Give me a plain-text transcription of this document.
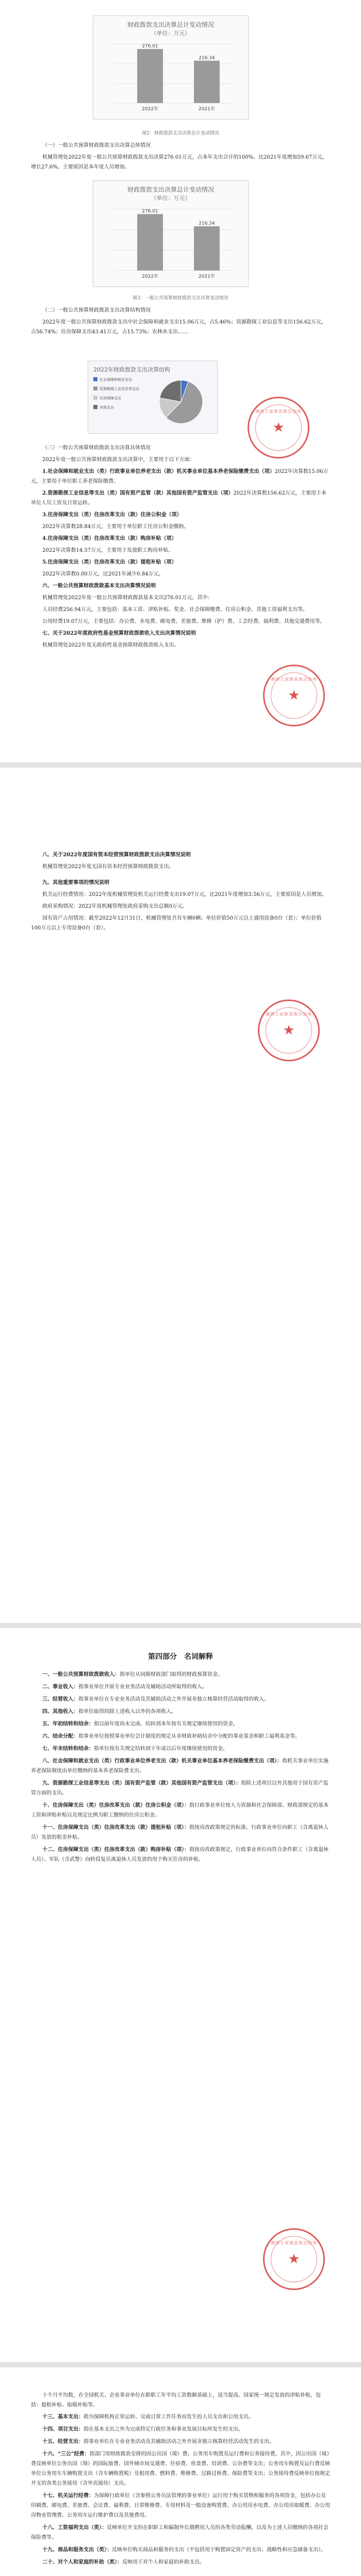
财政拨款支出决算总计变动情况
（单位：万元）
276.01
2022年
216.34
2021年

图2：财政拨款支出决算总计变动情况

（一）一般公共预算财政拨款支出决算总体情况

机械管理处2022年度一般公共预算财政拨款支出决算276.01万元，占本年支出合计的100%。比2021年度增加59.67万元，增长27.6%，主要原因是本年度人员增加。

财政拨款支出决算总计变动情况
（单位：万元）
276.01
2022年
216.34
2021年

图3：一般公共预算财政拨款支出决算变动情况

（二）一般公共预算财政拨款支出决算结构情况

2022年度一般公共预算财政拨款支出中社会保障和就业支出15.06万元，占5.46%；资源勘探工业信息等支出156.62万元，占56.74%；住房保障支出43.41万元，占15.73%；农林水支出……

2022年财政拨款支出决算结构
社会保障和就业支出
资源勘探工业信息等支出
住房保障支出
其他支出

（三）一般公共预算财政拨款支出决算具体情况

2022年度一般公共预算财政拨款支出决算中，主要用于以下方面：

1.社会保障和就业支出（类）行政事业单位养老支出（款）机关事业单位基本养老保险缴费支出（项）2022年决算数15.06万元，主要用于单位职工养老保险缴费。

2.资源勘探工业信息等支出（类）国有资产监管（款）其他国有资产监管支出（项）2022年决算数156.62万元，主要用于本单位人员工资及日常运转。

3.住房保障支出（类）住房改革支出（款）住房公积金（项）

2022年决算数28.84万元，主要用于单位职工住房公积金缴纳。

4.住房保障支出（类）住房改革支出（款）购房补贴（项）

2022年决算数14.57万元，主要用于发放职工购房补贴。

5.住房保障支出（类）住房改革支出（款）提租补贴（项）

2022年决算数0.00万元，比2021年减少0.84万元。

六、一般公共预算财政拨款基本支出决算情况说明

机械管理处2022年度一般公共预算财政拨款基本支出276.01万元，其中：

人员经费256.94万元，主要包括：基本工资、津贴补贴、奖金、社会保障缴费、住房公积金、其他工资福利支出等。

公用经费19.07万元，主要包括：办公费、水电费、邮电费、差旅费、维修（护）费、工会经费、福利费、其他交通费用等。

七、关于2022年度政府性基金预算财政拨款收入支出决算情况说明

机械管理处2022年度无政府性基金预算财政拨款收入支出。

湘西土家族苗族自治州
★
湘西土家族苗族自治州
★

八、关于2022年度国有资本经营预算财政拨款支出决算情况说明

机械管理处2022年度无国有资本经营预算财政拨款支出。

九、其他重要事项的情况说明

机关运行经费情况：2022年度机械管理处机关运行经费支出19.07万元，比2021年度增加3.56万元，主要原因是人员增加。

政府采购情况：2022年度机械管理处政府采购支出总额0万元。

国有资产占用情况：截至2022年12月31日，机械管理处共有车辆0辆；单位价值50万元以上通用设备0台（套）；单位价值100万元以上专用设备0台（套）。

湘西土家族苗族自治州
★

第四部分　名词解释

一、一般公共预算财政拨款收入：指单位从同级财政部门取得的财政预算资金。

二、事业收入：指事业单位开展专业业务活动及辅助活动所取得的收入。

三、经营收入：指事业单位在专业业务活动及其辅助活动之外开展非独立核算经营活动取得的收入。

四、其他收入：指单位取得的除上述收入以外的各项收入。

五、年初结转和结余：指以前年度尚未完成、结转到本年按有关规定继续使用的资金。

六、结余分配：指事业单位按照事业单位会计制度的规定从非财政补助结余中分配的事业基金和职工福利基金等。

七、年末结转和结余：指单位按有关规定结转到下年或以后年度继续使用的资金。

八、社会保障和就业支出（类）行政事业单位养老支出（款）机关事业单位基本养老保险缴费支出（项）：指机关事业单位实施养老保险制度由单位缴纳的基本养老保险费支出。

九、资源勘探工业信息等支出（类）国有资产监管（款）其他国有资产监管支出（项）：指除上述项目以外其他用于国有资产监管方面的支出。

十、住房保障支出（类）住房改革支出（款）住房公积金（项）：指行政事业单位按人力资源和社会保障部、财政部规定的基本工资和津贴补贴以及规定比例为职工缴纳的住房公积金。

十一、住房保障支出（类）住房改革支出（款）提租补贴（项）：指按房改政策规定的标准，行政事业单位向职工（含离退休人员）发放的租金补贴。

十二、住房保障支出（类）住房改革支出（款）购房补贴（项）：指按房改政策规定，行政事业单位向符合条件职工（含离退休人员）、军队（含武警）向转役复员离退休人员发放的用于购买住房的补贴。

湘西土家族苗族自治州
★

十个月平均数，在全国机关、企业事业单位在职职工年平均工资数额基础上，适当提高。国家统一规定发放的津贴补贴，包括：提租补贴、取暖补贴等。

十三、基本支出：指为保障机构正常运转、完成日常工作任务而发生的人员支出和公用支出。

十四、项目支出：指在基本支出之外为完成特定行政任务和事业发展目标所发生的支出。

十五、经营支出：指事业单位在专业业务活动及其辅助活动之外开展非独立核算经营活动发生的支出。

十六、“三公”经费：指部门用财政拨款安排的因公出国（境）费、公务用车购置及运行费和公务接待费。其中，因公出国（境）费反映单位公务出国（境）的国际旅费、国外城市间交通费、住宿费、伙食费、培训费、公杂费等支出；公务用车购置及运行费反映单位公务用车车辆购置支出（含车辆购置税）及租用费、燃料费、维修费、过路过桥费、保险费等支出；公务接待费反映单位按规定开支的各类公务接待（含外宾接待）支出。

十七、机关运行经费：为保障行政单位（含参照公务员法管理的事业单位）运行用于购买货物和服务的各项资金，包括办公及印刷费、邮电费、差旅费、会议费、福利费、日常维修费、专用材料及一般设备购置费、办公用房水电费、办公用房取暖费、办公用房物业管理费、公务用车运行维护费以及其他费用。

十八、工资福利支出（类）：反映单位开支的在职职工和编制外长期聘用人员的各类劳动报酬，以及为上述人员缴纳的各项社会保险费等。

十九、商品和服务支出（类）：反映单位购买商品和服务的支出（不包括用于购置固定资产的支出、战略性和应急储备支出）。

二十、对个人和家庭的补助（类）：反映用于对个人和家庭的补助支出。
